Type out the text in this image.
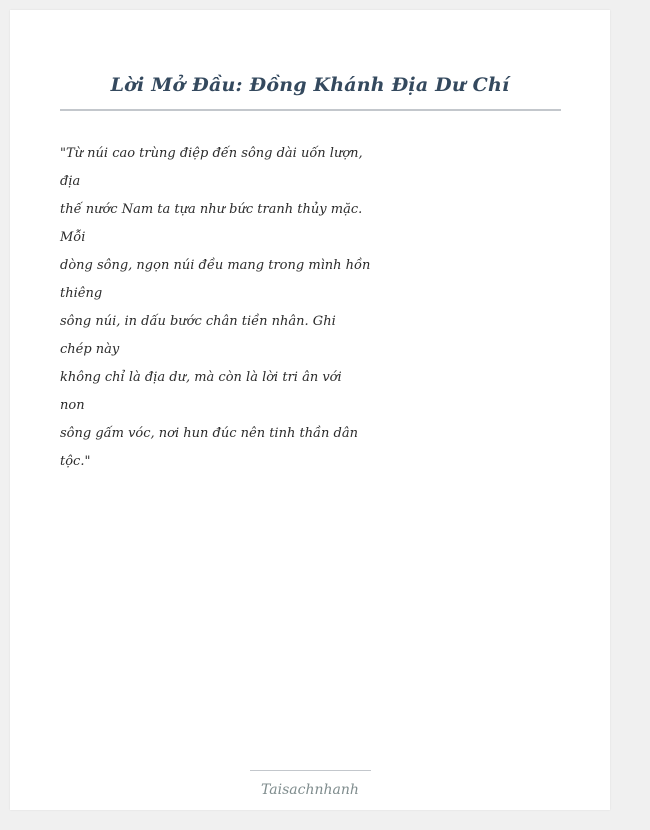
Lời Mở Đầu: Đồng Khánh Địa Dư Chí
"Từ núi cao trùng điệp đến sông dài uốn lượn,
địa
thế nước Nam ta tựa như bức tranh thủy mặc.
Mỗi
dòng sông, ngọn núi đều mang trong mình hồn
thiêng
sông núi, in dấu bước chân tiền nhân. Ghi
chép này
không chỉ là địa dư, mà còn là lời tri ân với
non
sông gấm vóc, nơi hun đúc nên tinh thần dân
tộc."
Taisachnhanh
